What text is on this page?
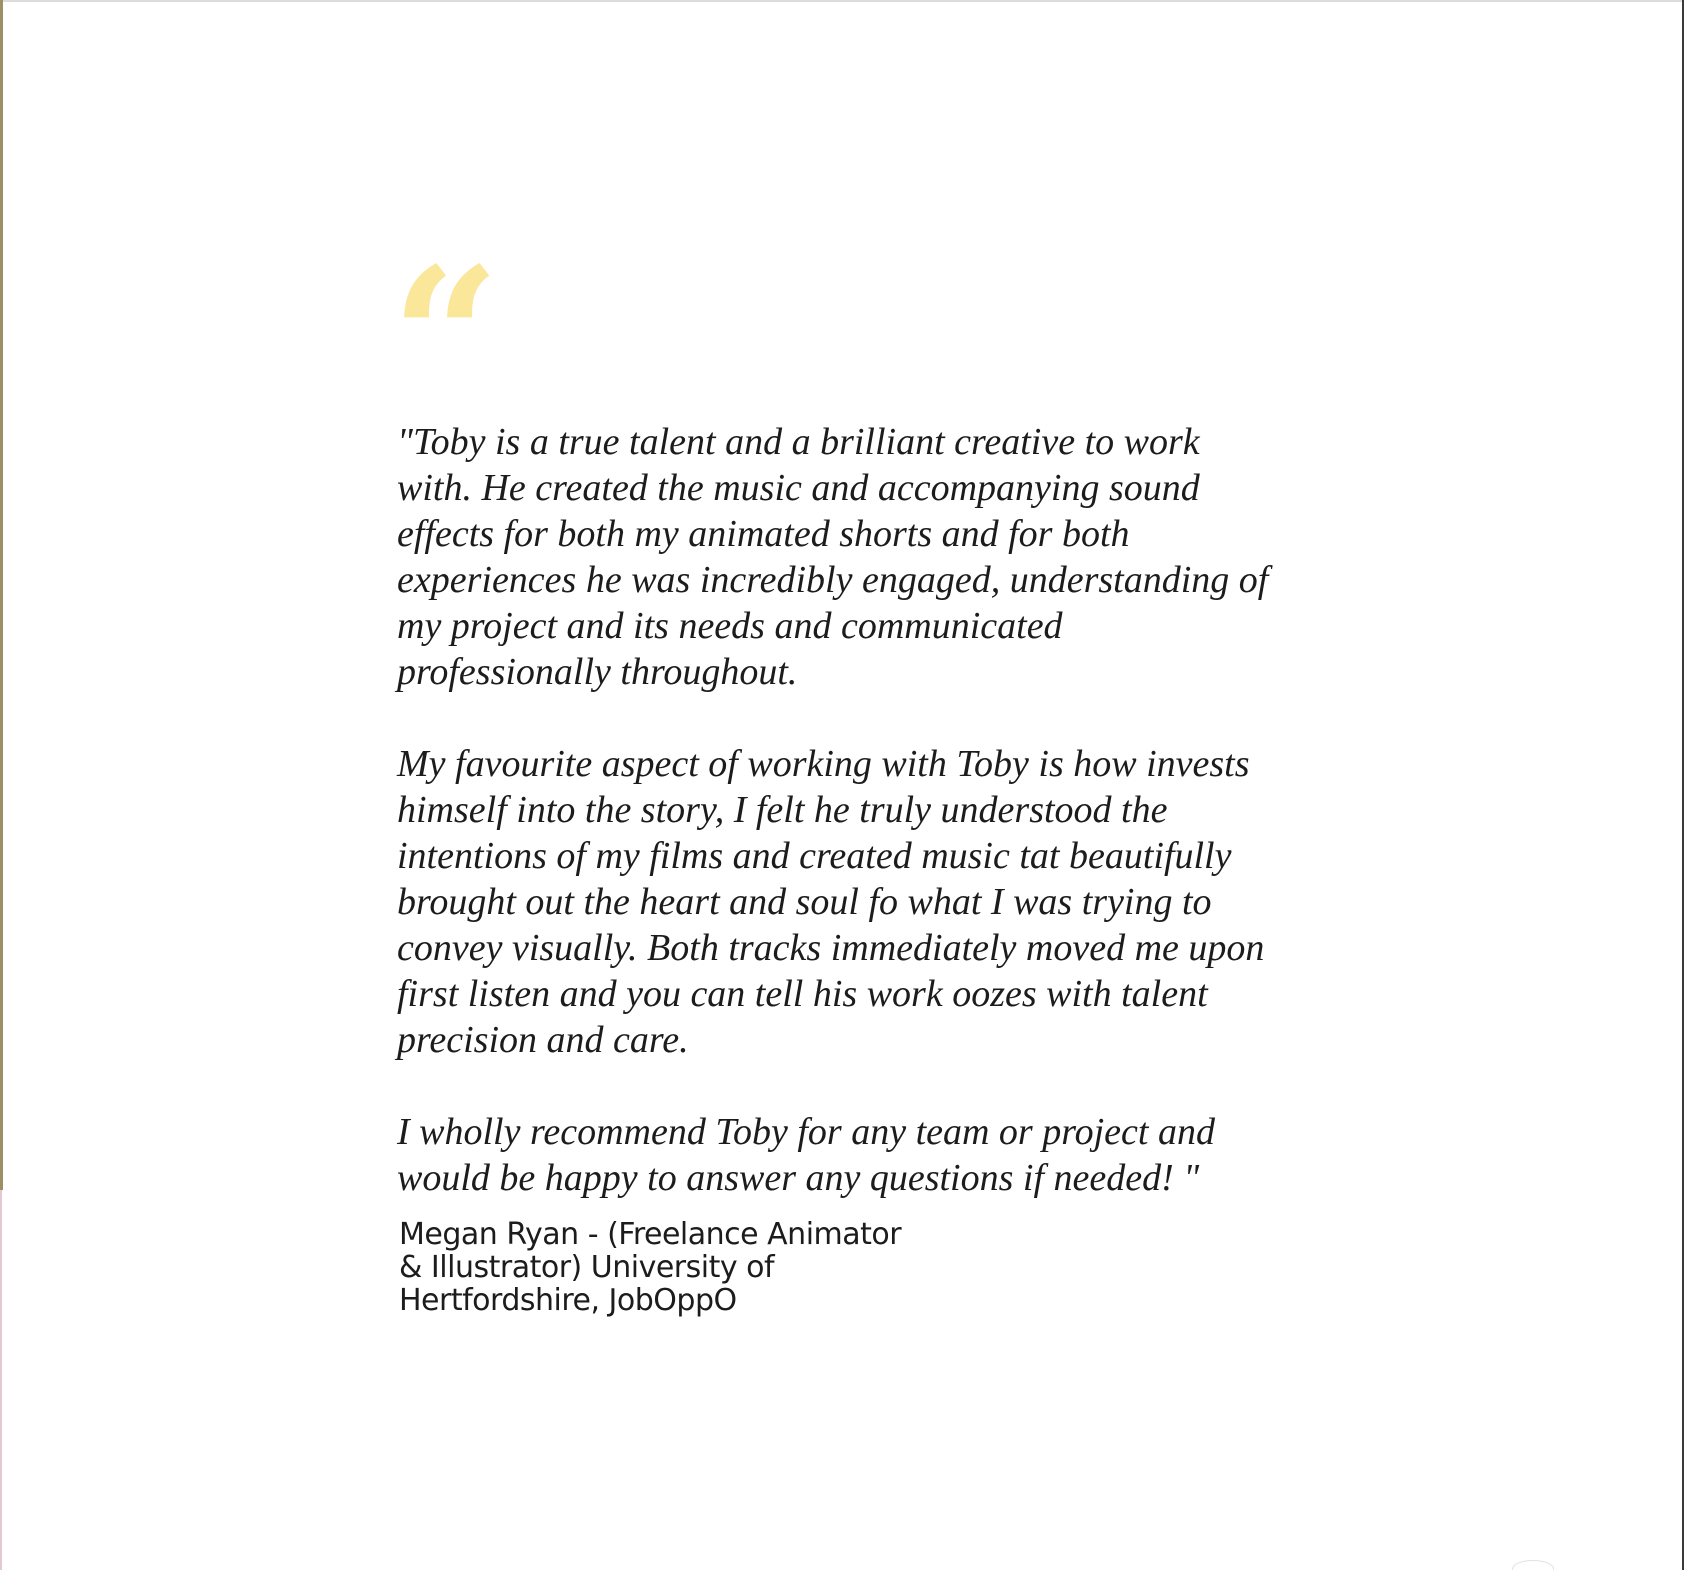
“

"Toby is a true talent and a brilliant creative to work with. He created the music and accompanying sound effects for both my animated shorts and for both experiences he was incredibly engaged, understanding of my project and its needs and communicated professionally throughout.

My favourite aspect of working with Toby is how invests himself into the story, I felt he truly understood the intentions of my films and created music tat beautifully brought out the heart and soul fo what I was trying to convey visually. Both tracks immediately moved me upon first listen and you can tell his work oozes with talent precision and care.

I wholly recommend Toby for any team or project and would be happy to answer any questions if needed! "

Megan Ryan - (Freelance Animator & Illustrator) University of Hertfordshire, JobOppO
